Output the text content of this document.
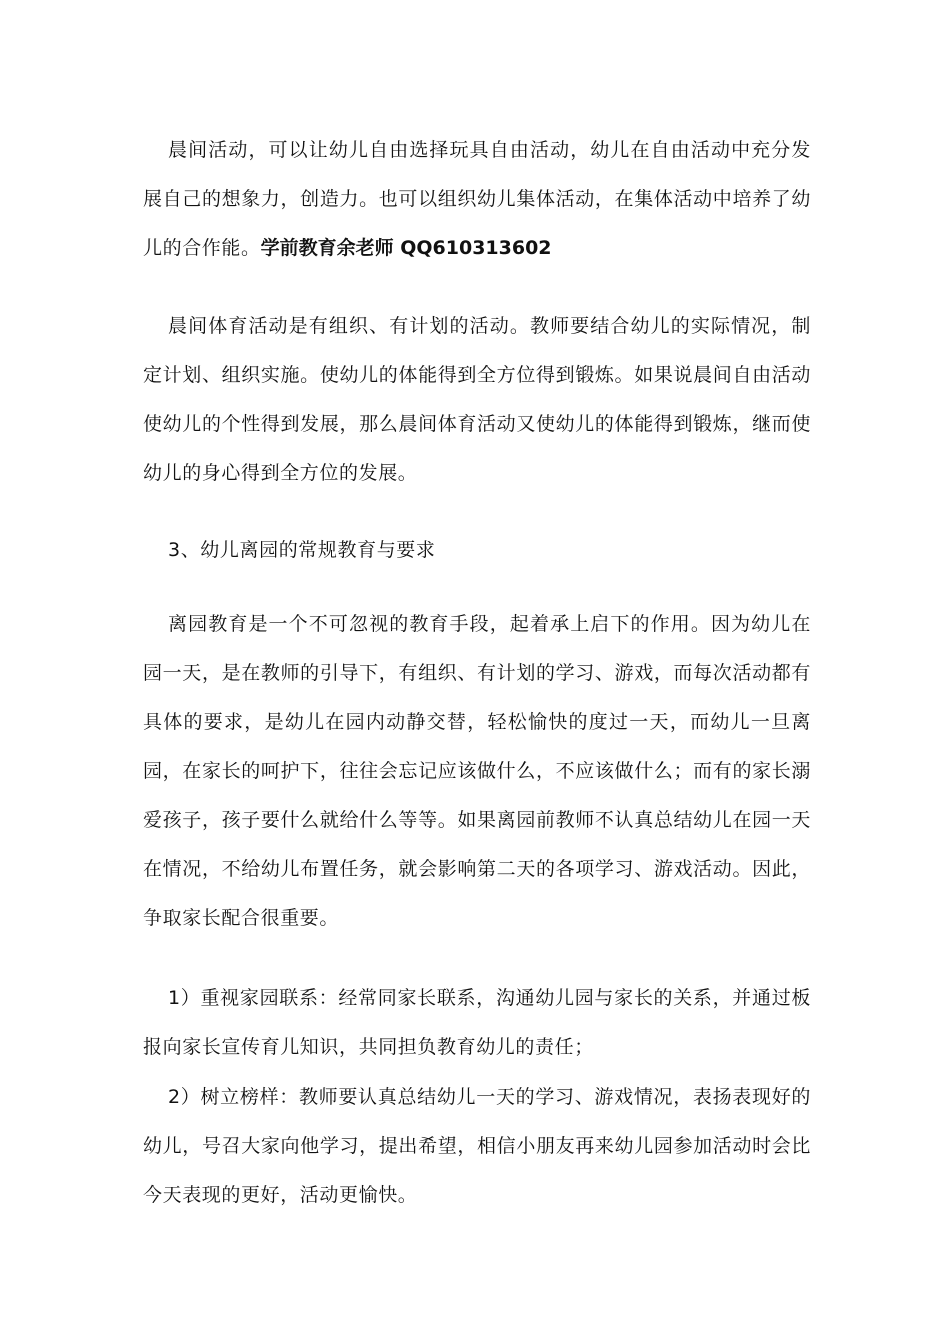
晨间活动，可以让幼儿自由选择玩具自由活动，幼儿在自由活动中充分发展自己的想象力，创造力。也可以组织幼儿集体活动，在集体活动中培养了幼儿的合作能。学前教育余老师 QQ610313602

晨间体育活动是有组织、有计划的活动。教师要结合幼儿的实际情况，制定计划、组织实施。使幼儿的体能得到全方位得到锻炼。如果说晨间自由活动使幼儿的个性得到发展，那么晨间体育活动又使幼儿的体能得到锻炼，继而使幼儿的身心得到全方位的发展。

3、幼儿离园的常规教育与要求

离园教育是一个不可忽视的教育手段，起着承上启下的作用。因为幼儿在园一天，是在教师的引导下，有组织、有计划的学习、游戏，而每次活动都有具体的要求，是幼儿在园内动静交替，轻松愉快的度过一天，而幼儿一旦离园，在家长的呵护下，往往会忘记应该做什么，不应该做什么；而有的家长溺爱孩子，孩子要什么就给什么等等。如果离园前教师不认真总结幼儿在园一天在情况，不给幼儿布置任务，就会影响第二天的各项学习、游戏活动。因此，争取家长配合很重要。

1）重视家园联系：经常同家长联系，沟通幼儿园与家长的关系，并通过板报向家长宣传育儿知识，共同担负教育幼儿的责任；

2）树立榜样：教师要认真总结幼儿一天的学习、游戏情况，表扬表现好的幼儿，号召大家向他学习，提出希望，相信小朋友再来幼儿园参加活动时会比今天表现的更好，活动更愉快。
